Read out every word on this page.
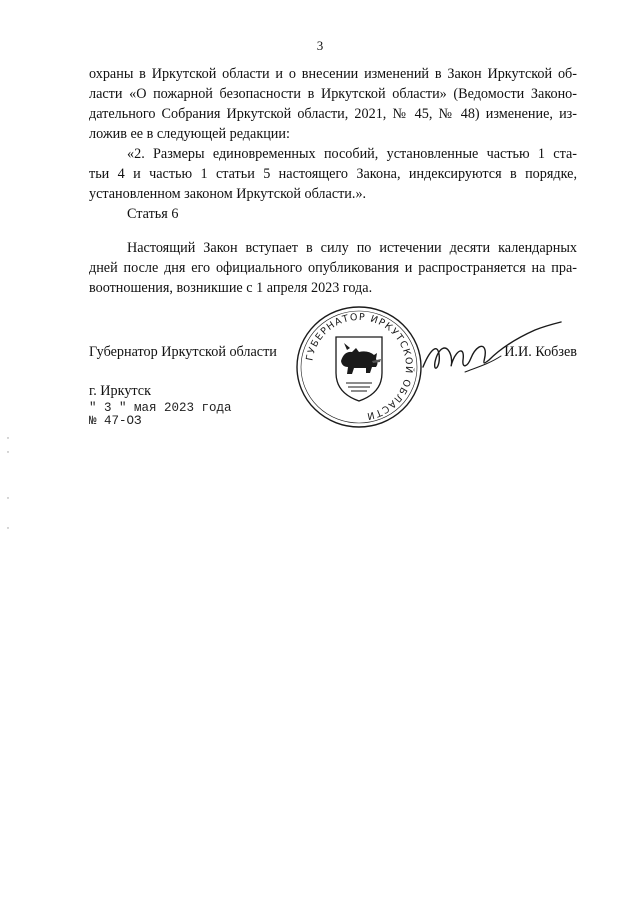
3
охраны в Иркутской области и о внесении изменений в Закон Иркутской об-
ласти «О пожарной безопасности в Иркутской области» (Ведомости Законо-
дательного Собрания Иркутской области, 2021, № 45, № 48) изменение, из-
ложив ее в следующей редакции:
«2. Размеры единовременных пособий, установленные частью 1 ста-
тьи 4 и частью 1 статьи 5 настоящего Закона, индексируются в порядке,
установленном законом Иркутской области.».
Статья 6
Настоящий Закон вступает в силу по истечении десяти календарных
дней после дня его официального опубликования и распространяется на пра-
воотношения, возникшие с 1 апреля 2023 года.
ГУБЕРНАТОР ИРКУТСКОЙ ОБЛАСТИ
Губернатор Иркутской области	И.И. Кобзев
г. Иркутск
" 3 " мая 2023 года
№ 47-ОЗ
